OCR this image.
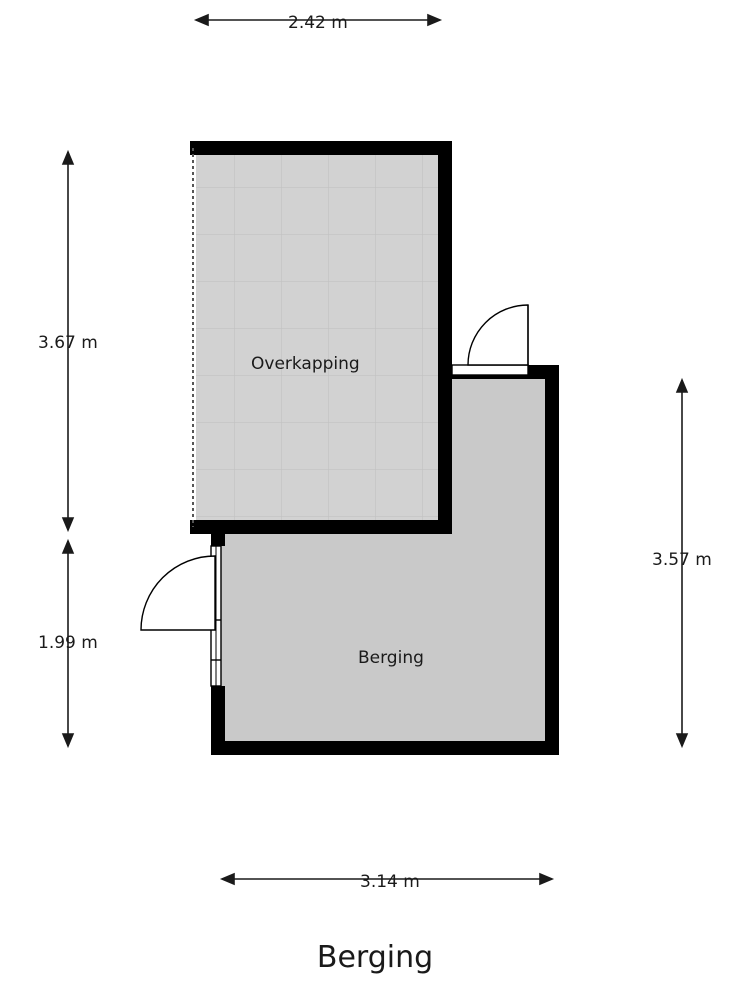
2.42 m
3.67 m
1.99 m
3.57 m
3.14 m
Overkapping
Berging
Berging
